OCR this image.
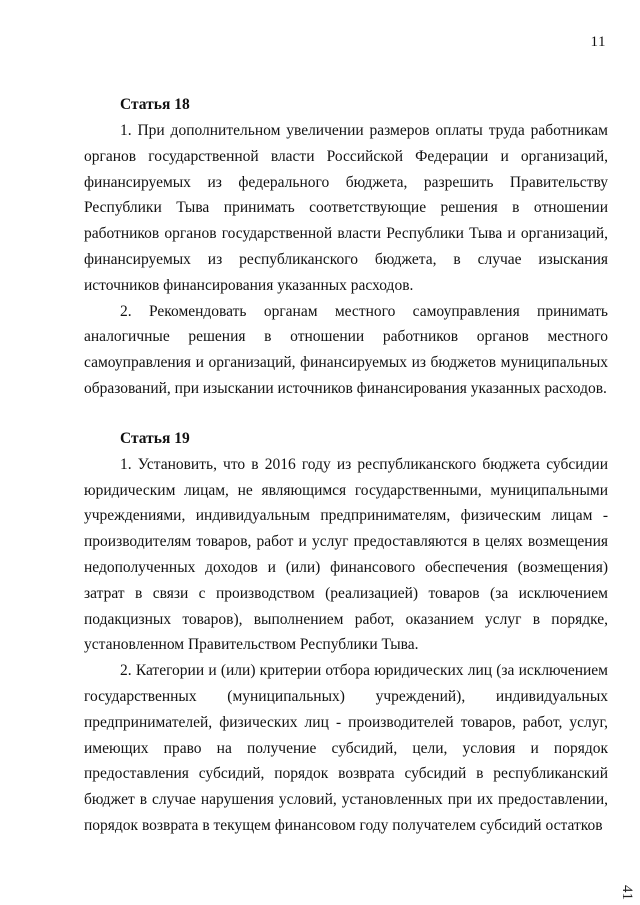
11
Статья 18

1. При дополнительном увеличении размеров оплаты труда работникам органов государственной власти Российской Федерации и организаций, финансируемых из федерального бюджета, разрешить Правительству Республики Тыва принимать соответствующие решения в отношении работников органов государственной власти Республики Тыва и организаций, финансируемых из республиканского бюджета, в случае изыскания источников финансирования указанных расходов.

2. Рекомендовать органам местного самоуправления принимать аналогичные решения в отношении работников органов местного самоуправления и организаций, финансируемых из бюджетов муниципальных образований, при изыскании источников финансирования указанных расходов.

Статья 19

1. Установить, что в 2016 году из республиканского бюджета субсидии юридическим лицам, не являющимся государственными, муниципальными учреждениями, индивидуальным предпринимателям, физическим лицам - производителям товаров, работ и услуг предоставляются в целях возмещения недополученных доходов и (или) финансового обеспечения (возмещения) затрат в связи с производством (реализацией) товаров (за исключением подакцизных товаров), выполнением работ, оказанием услуг в порядке, установленном Правительством Республики Тыва.

2. Категории и (или) критерии отбора юридических лиц (за исключением государственных (муниципальных) учреждений), индивидуальных предпринимателей, физических лиц - производителей товаров, работ, услуг, имеющих право на получение субсидий, цели, условия и порядок предоставления субсидий, порядок возврата субсидий в республиканский бюджет в случае нарушения условий, установленных при их предоставлении, порядок возврата в текущем финансовом году получателем субсидий остатков

41
